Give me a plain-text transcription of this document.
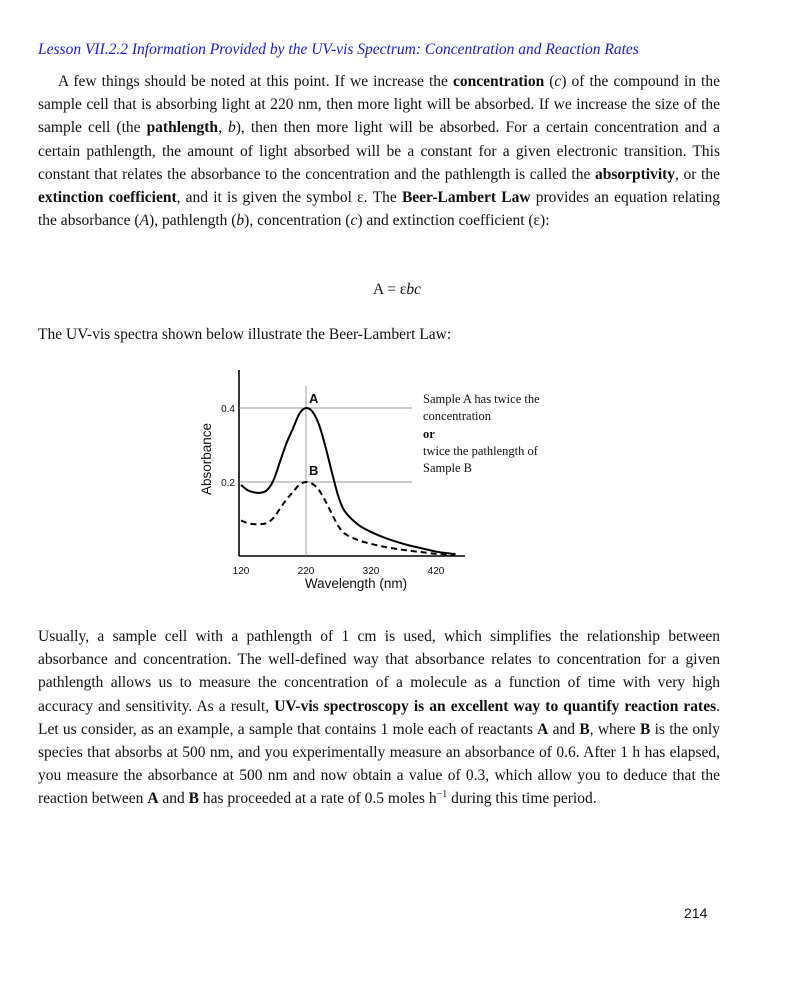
Lesson VII.2.2 Information Provided by the UV-vis Spectrum: Concentration and Reaction Rates
A few things should be noted at this point. If we increase the concentration (c) of the compound in the sample cell that is absorbing light at 220 nm, then more light will be absorbed. If we increase the size of the sample cell (the pathlength, b), then then more light will be absorbed. For a certain concentration and a certain pathlength, the amount of light absorbed will be a constant for a given electronic transition. This constant that relates the absorbance to the concentration and the pathlength is called the absorptivity, or the extinction coefficient, and it is given the symbol ε. The Beer-Lambert Law provides an equation relating the absorbance (A), pathlength (b), concentration (c) and extinction coefficient (ε):
A = εbc
The UV-vis spectra shown below illustrate the Beer-Lambert Law:
120	220	320	420
0.2
0.4
Wavelength (nm)
Absorbance
A
B
Sample A has twice the
concentration
or
twice the pathlength of
Sample B
Usually, a sample cell with a pathlength of 1 cm is used, which simplifies the relationship between absorbance and concentration. The well-defined way that absorbance relates to concentration for a given pathlength allows us to measure the concentration of a molecule as a function of time with very high accuracy and sensitivity. As a result, UV-vis spectroscopy is an excellent way to quantify reaction rates. Let us consider, as an example, a sample that contains 1 mole each of reactants A and B, where B is the only species that absorbs at 500 nm, and you experimentally measure an absorbance of 0.6. After 1 h has elapsed, you measure the absorbance at 500 nm and now obtain a value of 0.3, which allow you to deduce that the reaction between A and B has proceeded at a rate of 0.5 moles $h^{-1}$ during this time period.
214
